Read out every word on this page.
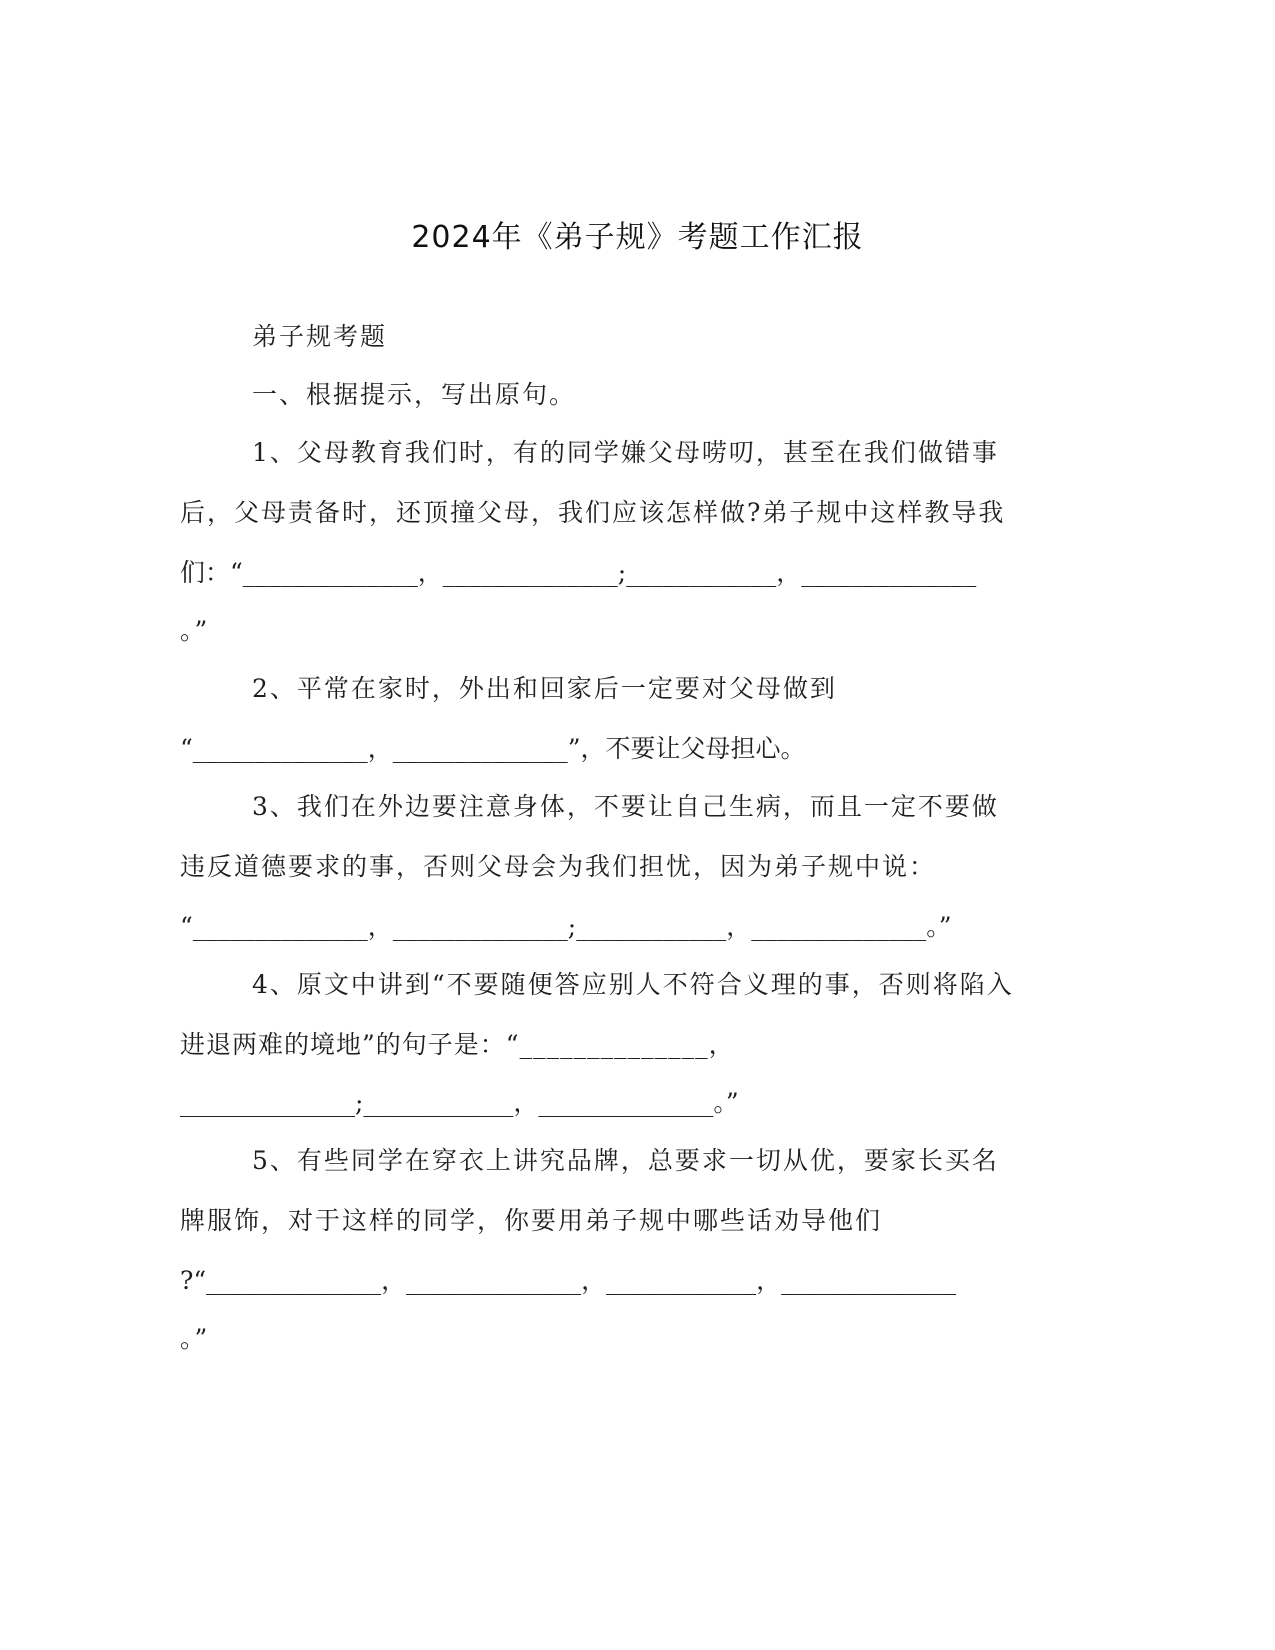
2024年《弟子规》考题工作汇报
弟子规考题
一、根据提示，写出原句。
1、父母教育我们时，有的同学嫌父母唠叨，甚至在我们做错事
后，父母责备时，还顶撞父母，我们应该怎样做?弟子规中这样教导我
们：“______________，______________;____________，______________
。”
2、平常在家时，外出和回家后一定要对父母做到
“______________，______________”，不要让父母担心。
3、我们在外边要注意身体，不要让自己生病，而且一定不要做
违反道德要求的事，否则父母会为我们担忧，因为弟子规中说：
“______________，______________;____________，______________。”
4、原文中讲到“不要随便答应别人不符合义理的事，否则将陷入
进退两难的境地”的句子是：“______________，
______________;____________，______________。”
5、有些同学在穿衣上讲究品牌，总要求一切从优，要家长买名
牌服饰，对于这样的同学，你要用弟子规中哪些话劝导他们
?“______________，______________，____________，______________
。”
